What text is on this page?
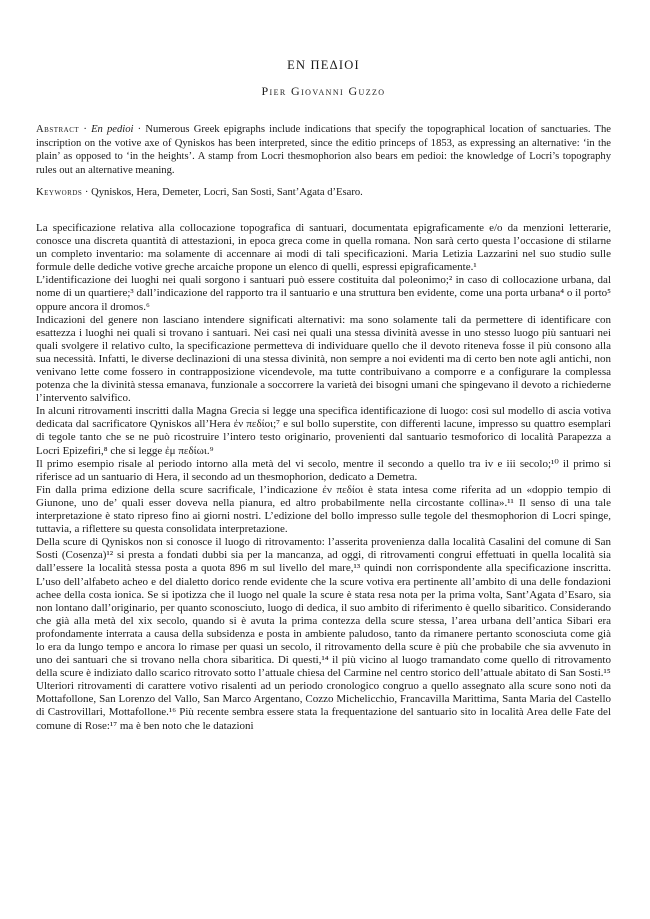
ΕΝ ΠΕΔΙΟΙ
Pier Giovanni Guzzo
Abstract · En pedioi · Numerous Greek epigraphs include indications that specify the topographical location of sanctuaries. The inscription on the votive axe of Qyniskos has been interpreted, since the editio princeps of 1853, as expressing an alternative: ‘in the plain’ as opposed to ‘in the heights’. A stamp from Locri thesmophorion also bears em pedioi: the knowledge of Locri’s topography rules out an alternative meaning.
Keywords · Qyniskos, Hera, Demeter, Locri, San Sosti, Sant’Agata d’Esaro.

La specificazione relativa alla collocazione topografica di santuari, documentata epigraficamente e/o da menzioni letterarie, conosce una discreta quantità di attestazioni, in epoca greca come in quella romana. Non sarà certo questa l’occasione di stilarne un completo inventario: ma solamente di accennare ai modi di tali specificazioni. Maria Letizia Lazzarini nel suo studio sulle formule delle dediche votive greche arcaiche propone un elenco di quelli, espressi epigraficamente.¹

L’identificazione dei luoghi nei quali sorgono i santuari può essere costituita dal poleonimo;² in caso di collocazione urbana, dal nome di un quartiere;³ dall’indicazione del rapporto tra il santuario e una struttura ben evidente, come una porta urbana⁴ o il porto⁵ oppure ancora il dromos.⁶

Indicazioni del genere non lasciano intendere significati alternativi: ma sono solamente tali da permettere di identificare con esattezza i luoghi nei quali si trovano i santuari. Nei casi nei quali una stessa divinità avesse in uno stesso luogo più santuari nei quali svolgere il relativo culto, la specificazione permetteva di individuare quello che il devoto riteneva fosse il più consono alla sua necessità. Infatti, le diverse declinazioni di una stessa divinità, non sempre a noi evidenti ma di certo ben note agli antichi, non venivano lette come fossero in contrapposizione vicendevole, ma tutte contribuivano a comporre e a configurare la complessa potenza che la divinità stessa emanava, funzionale a soccorrere la varietà dei bisogni umani che spingevano il devoto a richiederne l’intervento salvifico.

In alcuni ritrovamenti inscritti dalla Magna Grecia si legge una specifica identificazione di luogo: così sul modello di ascia votiva dedicata dal sacrificatore Qyniskos all’Hera ἐν πεδίοι;⁷ e sul bollo superstite, con differenti lacune, impresso su quattro esemplari di tegole tanto che se ne può ricostruire l’intero testo originario, provenienti dal santuario tesmoforico di località Parapezza a Locri Epizefiri,⁸ che si legge ἐμ πεδίωι.⁹

Il primo esempio risale al periodo intorno alla metà del vi secolo, mentre il secondo a quello tra iv e iii secolo;¹⁰ il primo si riferisce ad un santuario di Hera, il secondo ad un thesmophorion, dedicato a Demetra.

Fin dalla prima edizione della scure sacrificale, l’indicazione ἐν πεδίοι è stata intesa come riferita ad un «doppio tempio di Giunone, uno de’ quali esser doveva nella pianura, ed altro probabilmente nella circostante collina».¹¹ Il senso di una tale interpretazione è stato ripreso fino ai giorni nostri. L’edizione del bollo impresso sulle tegole del thesmophorion di Locri spinge, tuttavia, a riflettere su questa consolidata interpretazione.

Della scure di Qyniskos non si conosce il luogo di ritrovamento: l’asserita provenienza dalla località Casalini del comune di San Sosti (Cosenza)¹² si presta a fondati dubbi sia per la mancanza, ad oggi, di ritrovamenti congrui effettuati in quella località sia dall’essere la località stessa posta a quota 896 m sul livello del mare,¹³ quindi non corrispondente alla specificazione inscritta. L’uso dell’alfabeto acheo e del dialetto dorico rende evidente che la scure votiva era pertinente all’ambito di una delle fondazioni achee della costa ionica. Se si ipotizza che il luogo nel quale la scure è stata resa nota per la prima volta, Sant’Agata d’Esaro, sia non lontano dall’originario, per quanto sconosciuto, luogo di dedica, il suo ambito di riferimento è quello sibaritico. Considerando che già alla metà del xix secolo, quando si è avuta la prima contezza della scure stessa, l’area urbana dell’antica Sibari era profondamente interrata a causa della subsidenza e posta in ambiente paludoso, tanto da rimanere pertanto sconosciuta come già lo era da lungo tempo e ancora lo rimase per quasi un secolo, il ritrovamento della scure è più che probabile che sia avvenuto in uno dei santuari che si trovano nella chora sibaritica. Di questi,¹⁴ il più vicino al luogo tramandato come quello di ritrovamento della scure è indiziato dallo scarico ritrovato sotto l’attuale chiesa del Carmine nel centro storico dell’attuale abitato di San Sosti.¹⁵

Ulteriori ritrovamenti di carattere votivo risalenti ad un periodo cronologico congruo a quello assegnato alla scure sono noti da Mottafollone, San Lorenzo del Vallo, San Marco Argentano, Cozzo Michelicchio, Francavilla Marittima, Santa Maria del Castello di Castrovillari, Mottafollone.¹⁶ Più recente sembra essere stata la frequentazione del santuario sito in località Area delle Fate del comune di Rose:¹⁷ ma è ben noto che le datazioni
